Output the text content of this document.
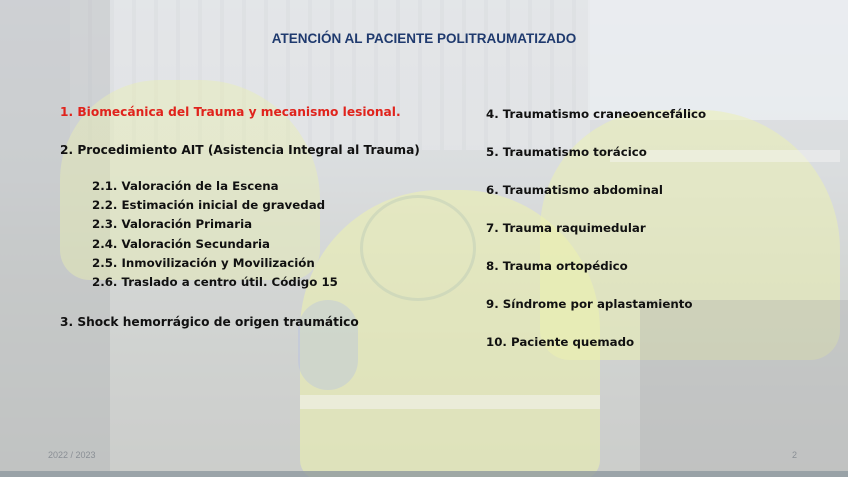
ATENCIÓN AL PACIENTE POLITRAUMATIZADO
1. Biomecánica del Trauma y mecanismo lesional.
2. Procedimiento AIT (Asistencia Integral al Trauma)
2.1. Valoración de la Escena
2.2. Estimación inicial de gravedad
2.3. Valoración Primaria
2.4. Valoración Secundaria
2.5. Inmovilización y Movilización
2.6. Traslado a centro útil. Código 15
3. Shock hemorrágico de origen traumático
4. Traumatismo craneoencefálico
5. Traumatismo torácico
6. Traumatismo abdominal
7. Trauma raquimedular
8. Trauma ortopédico
9. Síndrome por aplastamiento
10. Paciente quemado
2022 / 2023	2
